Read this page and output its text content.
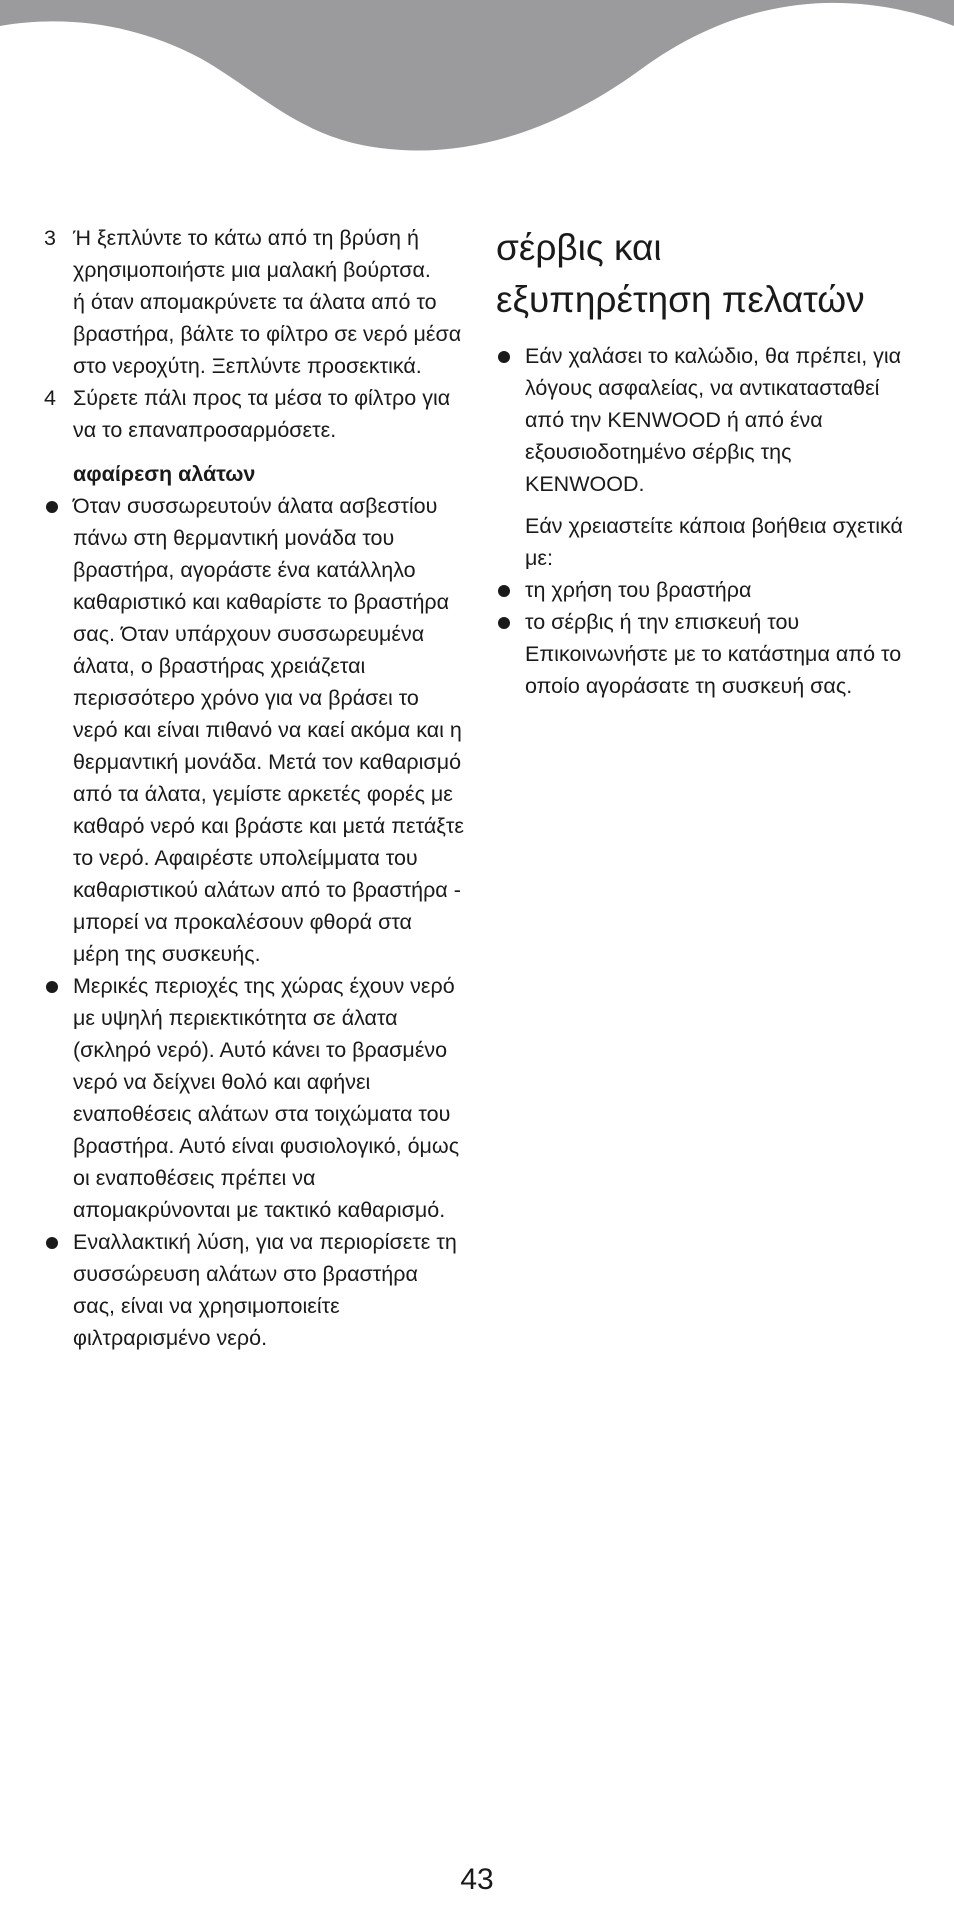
3 Ή ξεπλύντε το κάτω από τη βρύση ή χρησιμοποιήστε μια μαλακή βούρτσα.
ή όταν απομακρύνετε τα άλατα από το βραστήρα, βάλτε το φίλτρο σε νερό μέσα στο νεροχύτη. Ξεπλύντε προσεκτικά.
4 Σύρετε πάλι προς τα μέσα το φίλτρο για να το επαναπροσαρμόσετε.
αφαίρεση αλάτων
Όταν συσσωρευτούν άλατα ασβεστίου πάνω στη θερμαντική μονάδα του βραστήρα, αγοράστε ένα κατάλληλο καθαριστικό και καθαρίστε το βραστήρα σας. Όταν υπάρχουν συσσωρευμένα άλατα, ο βραστήρας χρειάζεται περισσότερο χρόνο για να βράσει το νερό και είναι πιθανό να καεί ακόμα και η θερμαντική μονάδα. Μετά τον καθαρισμό από τα άλατα, γεμίστε αρκετές φορές με καθαρό νερό και βράστε και μετά πετάξτε το νερό. Αφαιρέστε υπολείμματα του καθαριστικού αλάτων από το βραστήρα - μπορεί να προκαλέσουν φθορά στα μέρη της συσκευής.
Μερικές περιοχές της χώρας έχουν νερό με υψηλή περιεκτικότητα σε άλατα (σκληρό νερό). Αυτό κάνει το βρασμένο νερό να δείχνει θολό και αφήνει εναποθέσεις αλάτων στα τοιχώματα του βραστήρα. Αυτό είναι φυσιολογικό, όμως οι εναποθέσεις πρέπει να απομακρύνονται με τακτικό καθαρισμό.
Εναλλακτική λύση, για να περιορίσετε τη συσσώρευση αλάτων στο βραστήρα σας, είναι να χρησιμοποιείτε φιλτραρισμένο νερό.
σέρβις και
εξυπηρέτηση πελατών
Εάν χαλάσει το καλώδιο, θα πρέπει, για λόγους ασφαλείας, να αντικατασταθεί από την KENWOOD ή από ένα εξουσιοδοτημένο σέρβις της KENWOOD.
Εάν χρειαστείτε κάποια βοήθεια σχετικά με:
τη χρήση του βραστήρα
το σέρβις ή την επισκευή του Επικοινωνήστε με το κατάστημα από το οποίο αγοράσατε τη συσκευή σας.
43
